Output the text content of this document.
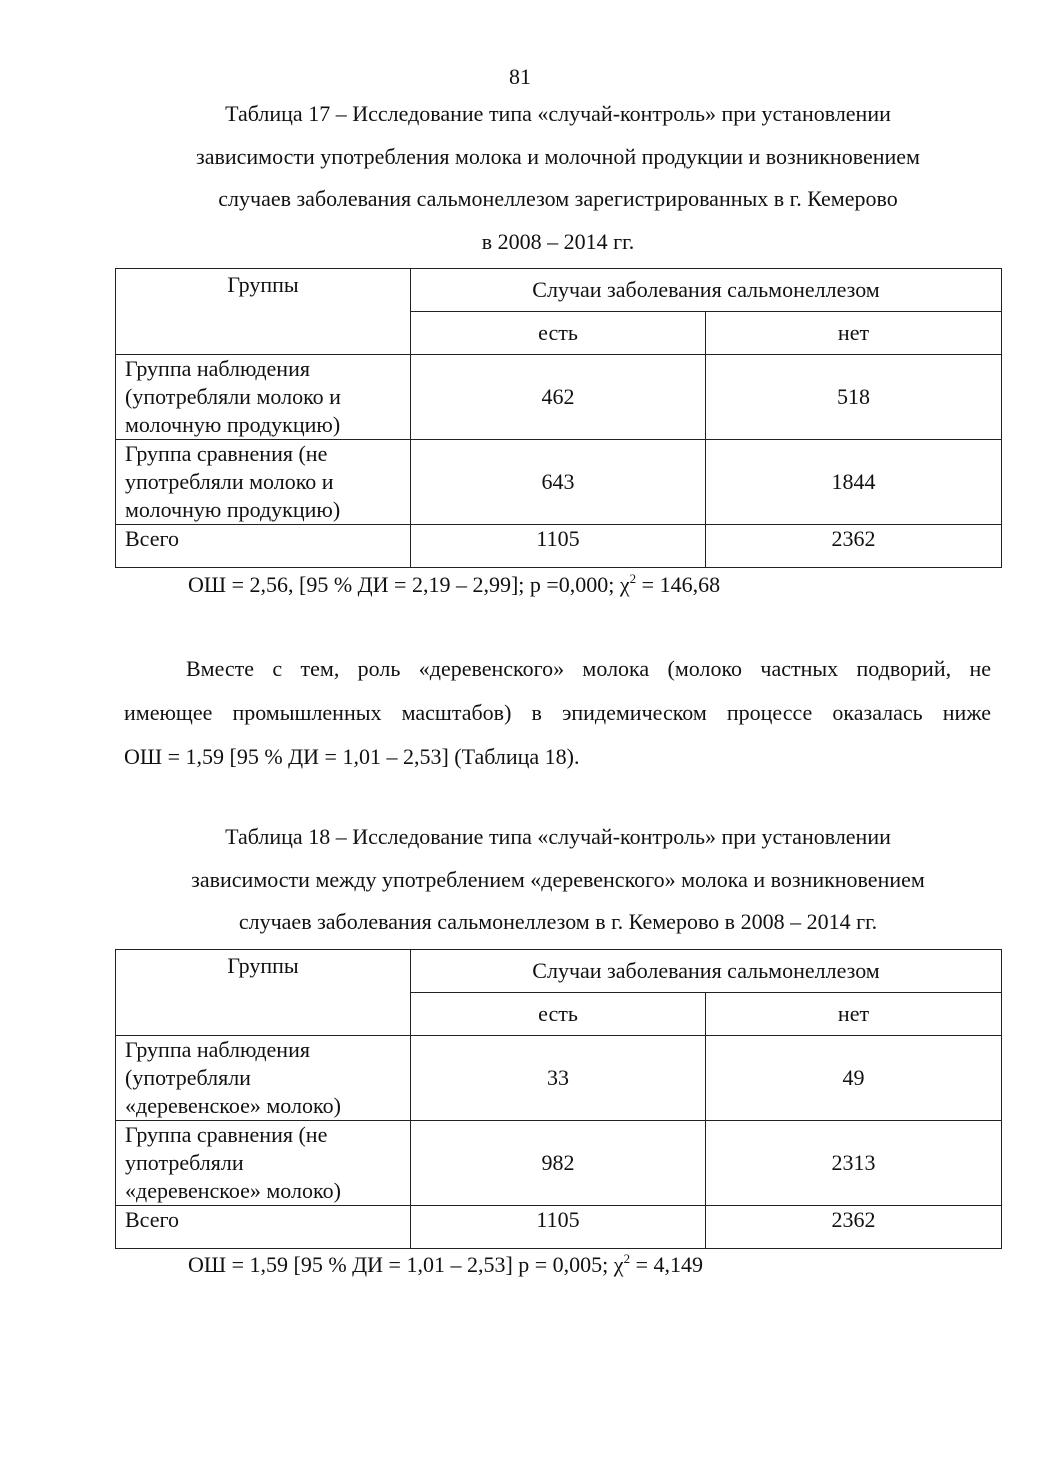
81
Таблица 17 – Исследование типа «случай-контроль» при установлении
зависимости употребления молока и молочной продукции и возникновением
случаев заболевания сальмонеллезом зарегистрированных в г. Кемерово
в 2008 – 2014 гг.
Группы	Случаи заболевания сальмонеллезом	
	есть	нет

Группа наблюдения
(употребляли молоко и
молочную продукцию)	462	518

Группа сравнения (не
употребляли молоко и
молочную продукцию)	643	1844
Всего	1105	2362
ОШ = 2,56, [95 % ДИ = 2,19 – 2,99]; p =0,000; $\chi^2 = 146,68$
Вместе с тем, роль «деревенского» молока (молоко частных подворий, не
имеющее промышленных масштабов) в эпидемическом процессе оказалась ниже
ОШ = 1,59 [95 % ДИ = 1,01 – 2,53] (Таблица 18).
Таблица 18 – Исследование типа «случай-контроль» при установлении
зависимости между употреблением «деревенского» молока и возникновением
случаев заболевания сальмонеллезом в г. Кемерово в 2008 – 2014 гг.
Группы	Случаи заболевания сальмонеллезом	
	есть	нет

Группа наблюдения
(употребляли
«деревенское» молоко)	33	49

Группа сравнения (не
употребляли
«деревенское» молоко)	982	2313
Всего	1105	2362
ОШ = 1,59 [95 % ДИ = 1,01 – 2,53] p = 0,005; $\chi^2 = 4,149$
